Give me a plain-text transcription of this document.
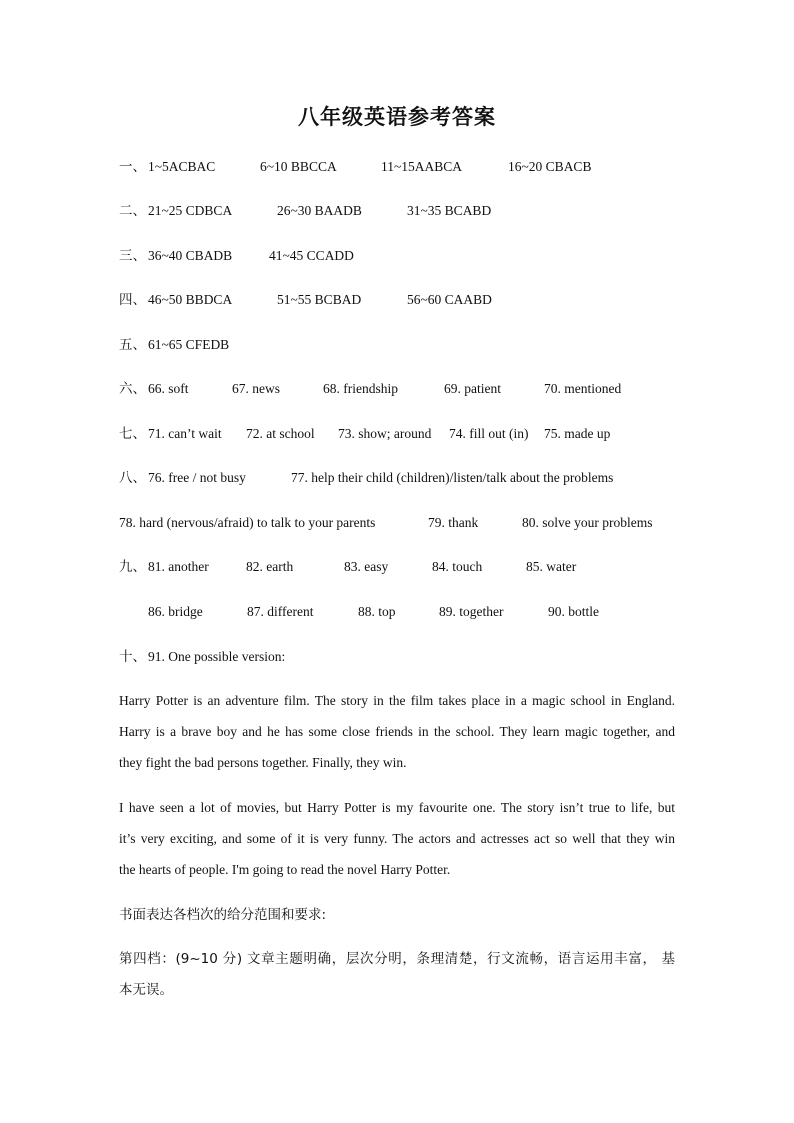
八年级英语参考答案
一、 1~5ACBAC	6~10 BBCCA	11~15AABCA	16~20 CBACB
二、 21~25 CDBCA	26~30 BAADB	31~35 BCABD
三、 36~40 CBADB	41~45 CCADD
四、 46~50 BBDCA	51~55 BCBAD	56~60 CAABD
五、 61~65 CFEDB
六、 66. soft	67. news	68. friendship	69. patient	70. mentioned
七、 71. can’t wait 72. at school 73. show; around 74. fill out (in) 75. made up
八、 76. free / not busy	77. help their child (children)/listen/talk about the problems
78. hard (nervous/afraid) to talk to your parents	79. thank	80. solve your problems
九、 81. another	82. earth	83. easy	84. touch	85. water
86. bridge	87. different	88. top	89. together	90. bottle
十、 91. One possible version:
Harry Potter is an adventure film. The story in the film takes place in a magic school in England.
Harry is a brave boy and he has some close friends in the school. They learn magic together, and
they fight the bad persons together. Finally, they win.
I have seen a lot of movies, but Harry Potter is my favourite one. The story isn’t true to life, but
it’s very exciting, and some of it is very funny. The actors and actresses act so well that they win
the hearts of people. I'm going to read the novel Harry Potter.
书面表达各档次的给分范围和要求:
第四档：(9~10 分) 文章主题明确，层次分明，条理清楚，行文流畅，语言运用丰富， 基
本无误。
